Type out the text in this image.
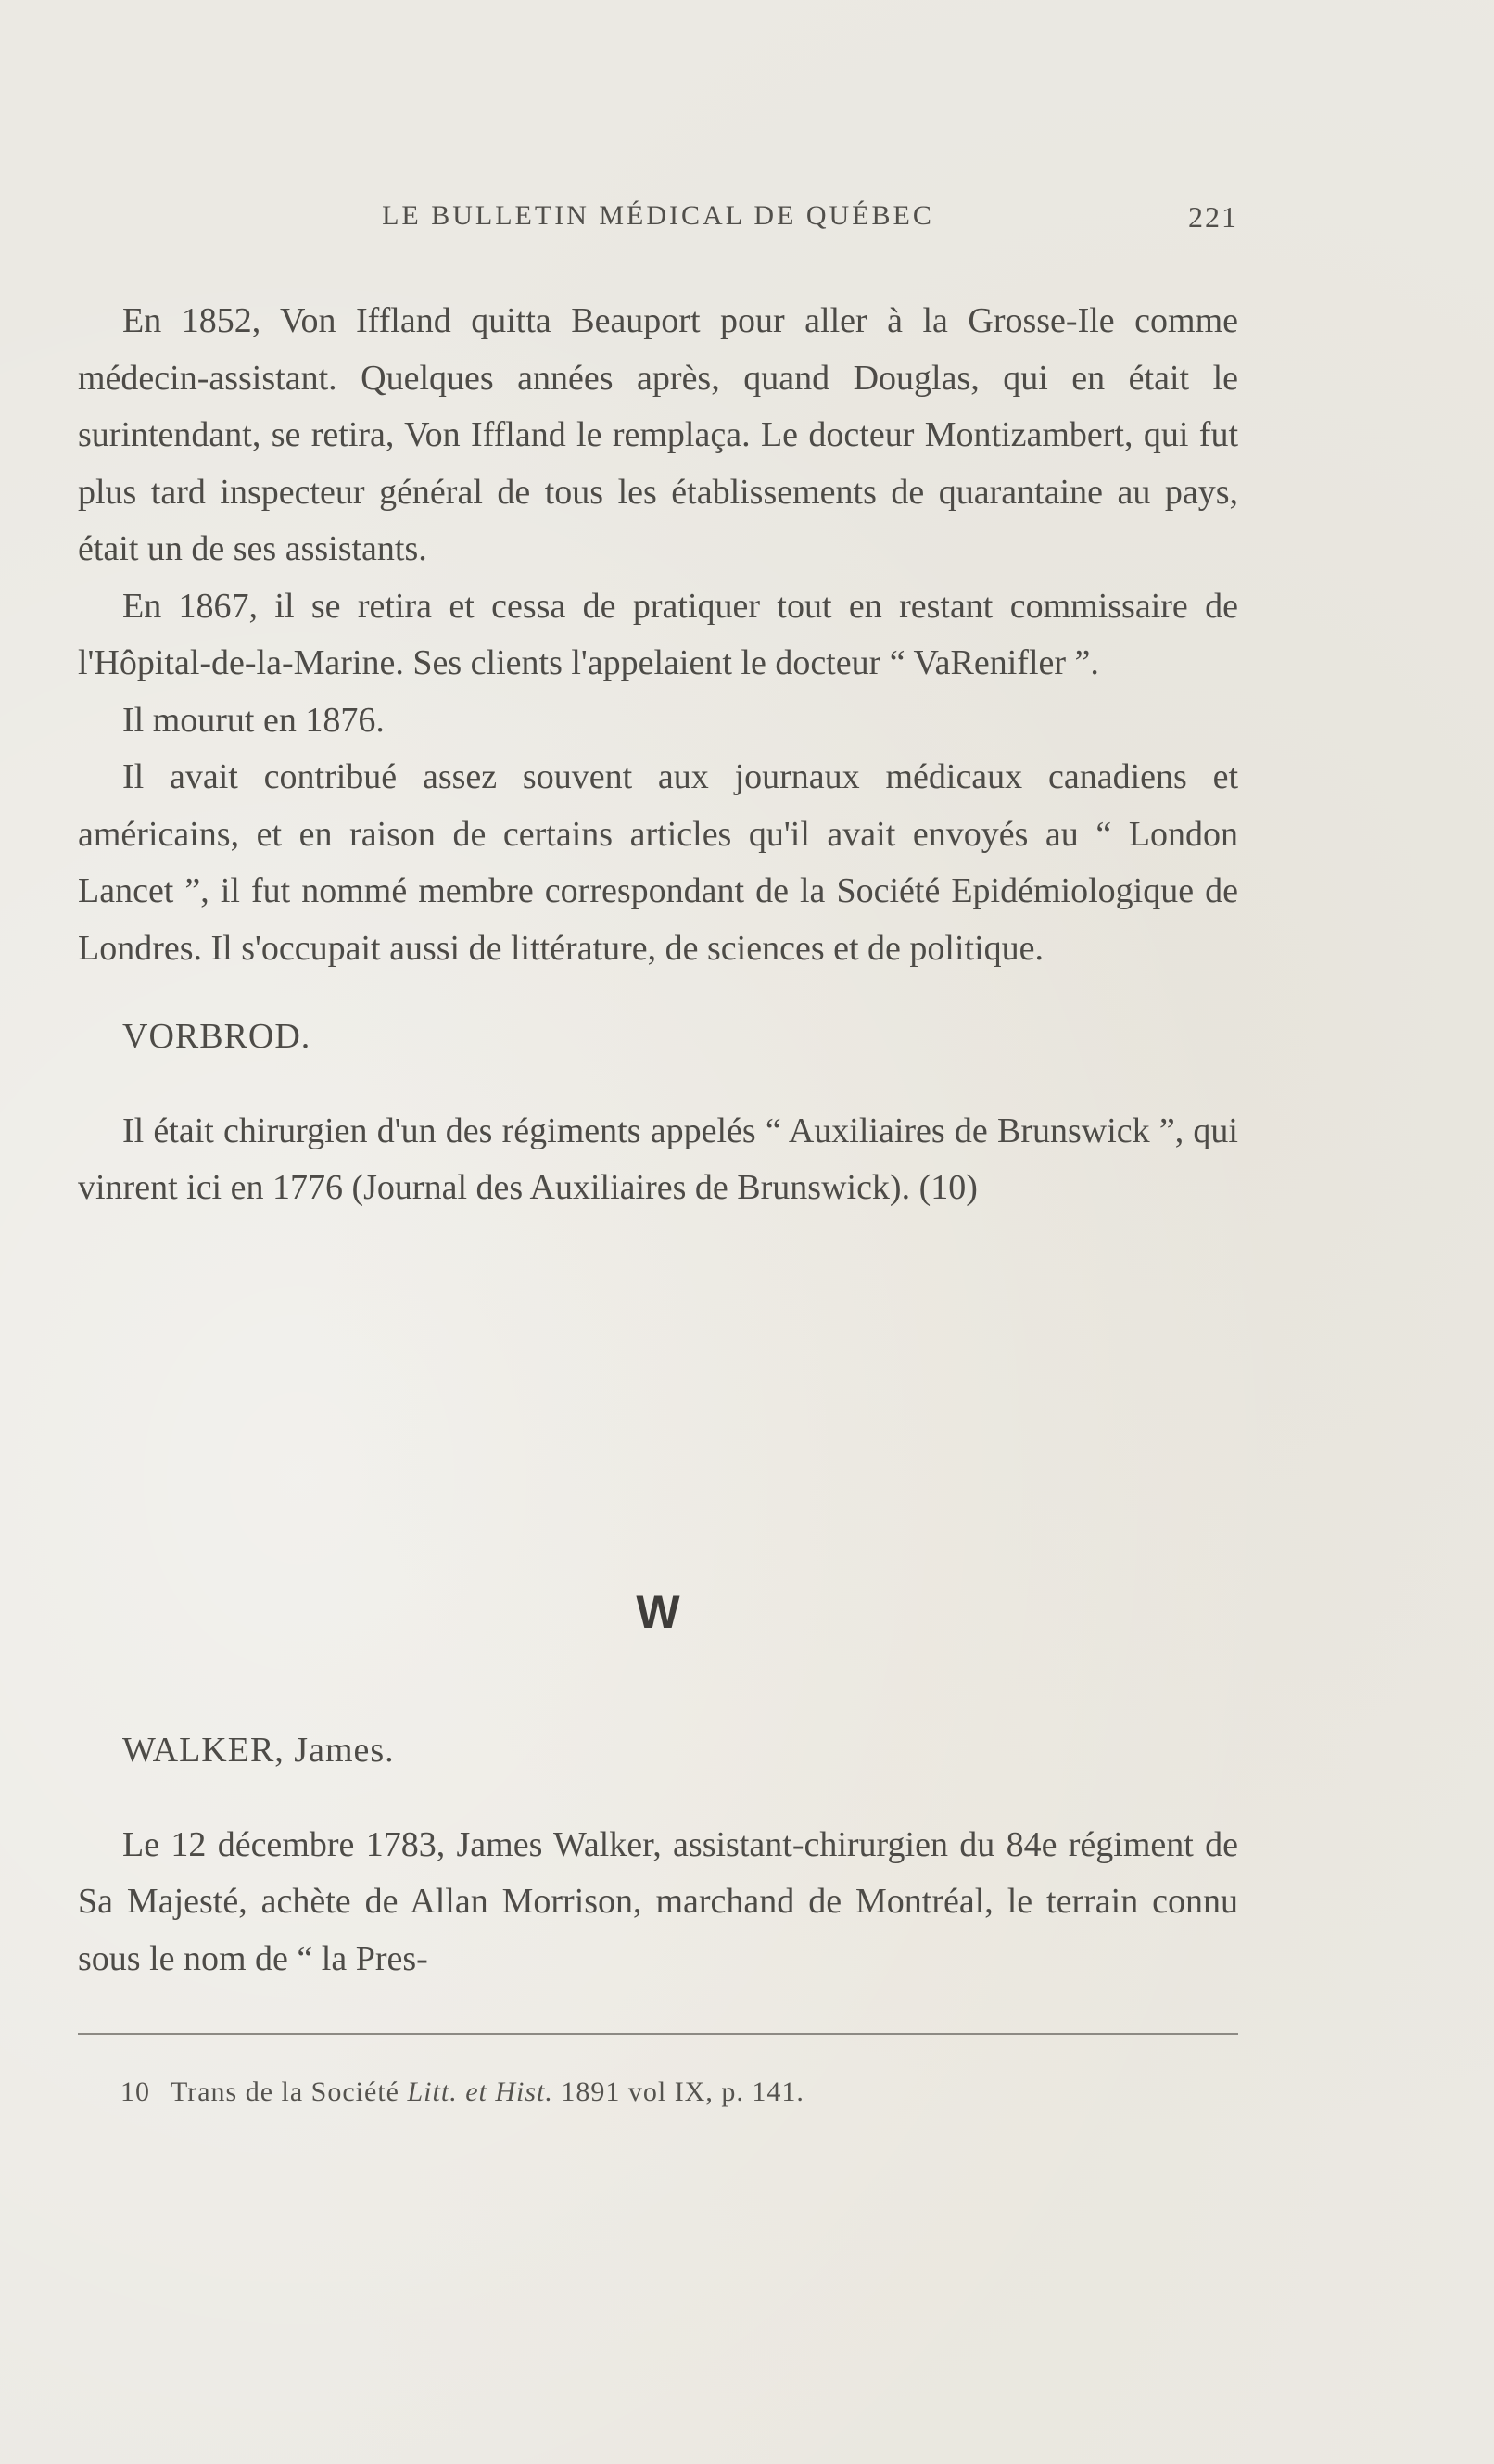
LE BULLETIN MÉDICAL DE QUÉBEC	221

En 1852, Von Iffland quitta Beauport pour aller à la Grosse-Ile comme médecin-assistant. Quelques années après, quand Douglas, qui en était le surintendant, se retira, Von Iffland le remplaça. Le docteur Montizambert, qui fut plus tard inspecteur général de tous les établissements de quarantaine au pays, était un de ses assistants.

En 1867, il se retira et cessa de pratiquer tout en restant commissaire de l'Hôpital-de-la-Marine. Ses clients l'appelaient le docteur “ VaRenifler ”.

Il mourut en 1876.

Il avait contribué assez souvent aux journaux médicaux canadiens et américains, et en raison de certains articles qu'il avait envoyés au “ London Lancet ”, il fut nommé membre correspondant de la Société Epidémiologique de Londres. Il s'occupait aussi de littérature, de sciences et de politique.

VORBROD.

Il était chirurgien d'un des régiments appelés “ Auxiliaires de Brunswick ”, qui vinrent ici en 1776 (Journal des Auxiliaires de Brunswick). (10)

W

WALKER, James.

Le 12 décembre 1783, James Walker, assistant-chirurgien du 84e régiment de Sa Majesté, achète de Allan Morrison, marchand de Montréal, le terrain connu sous le nom de “ la Pres-

10 Trans de la Société Litt. et Hist. 1891 vol IX, p. 141.
